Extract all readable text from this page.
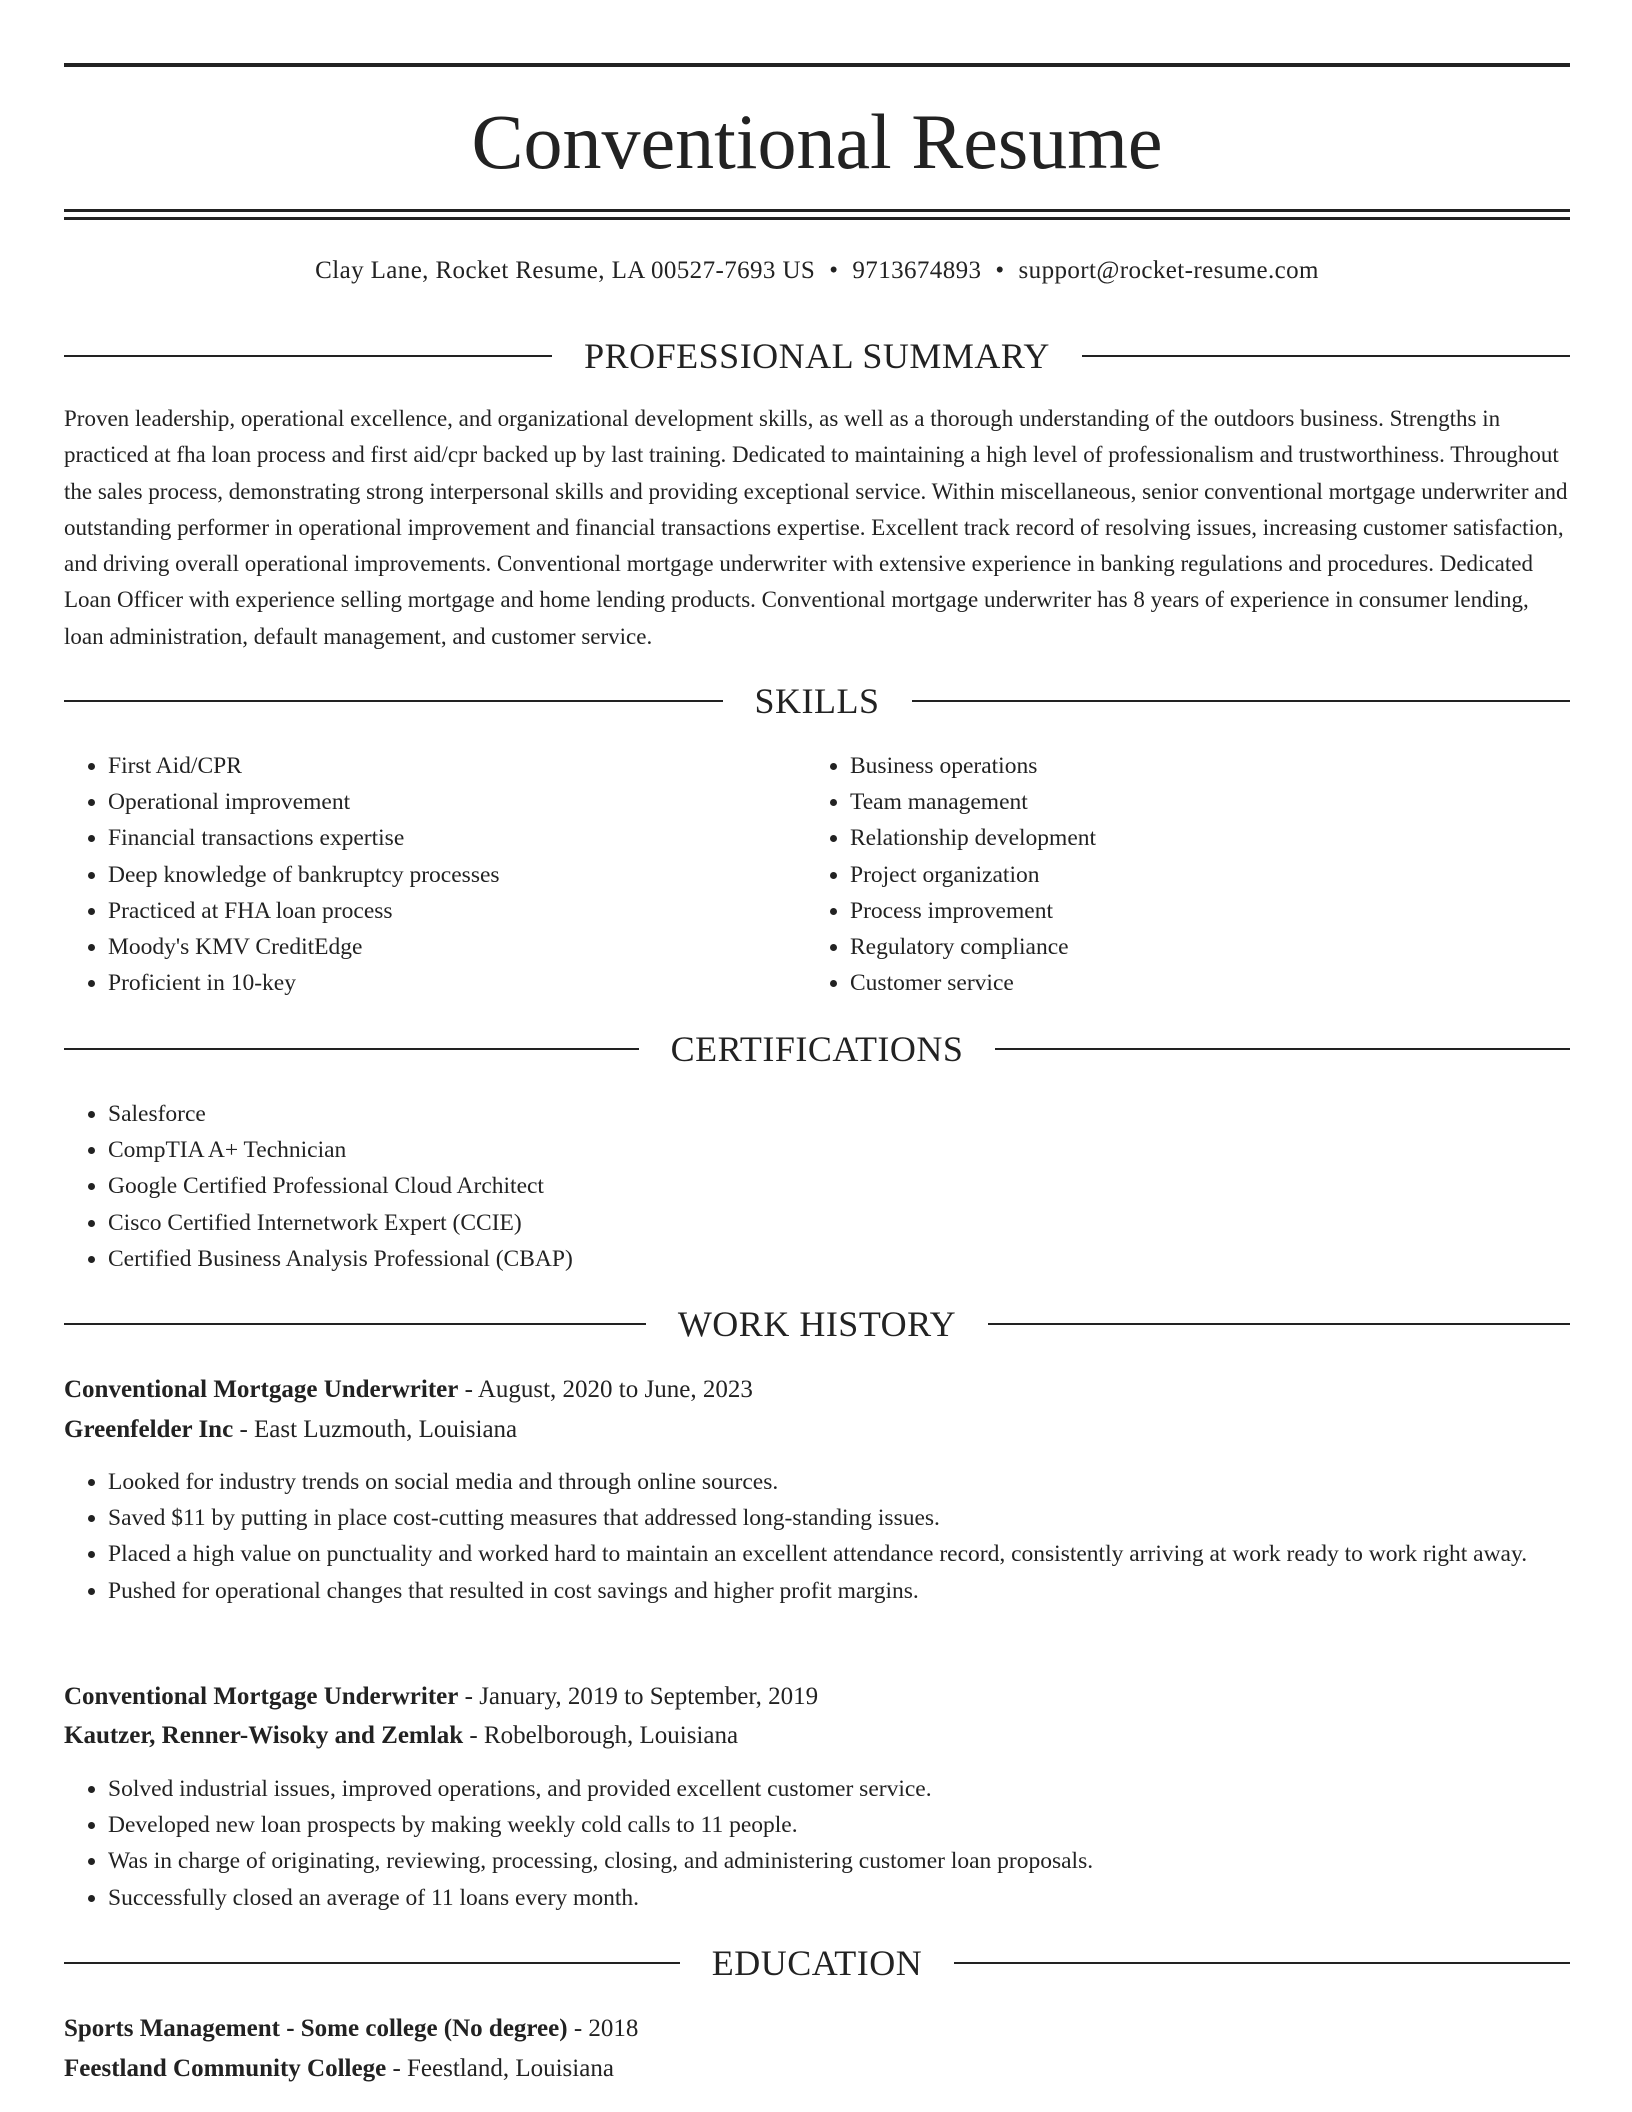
Conventional Resume
Clay Lane, Rocket Resume, LA 00527-7693 US • 9713674893 • support@rocket-resume.com
PROFESSIONAL SUMMARY

Proven leadership, operational excellence, and organizational development skills, as well as a thorough understanding of the outdoors business. Strengths in practiced at fha loan process and first aid/cpr backed up by last training. Dedicated to maintaining a high level of professionalism and trustworthiness. Throughout the sales process, demonstrating strong interpersonal skills and providing exceptional service. Within miscellaneous, senior conventional mortgage underwriter and outstanding performer in operational improvement and financial transactions expertise. Excellent track record of resolving issues, increasing customer satisfaction, and driving overall operational improvements. Conventional mortgage underwriter with extensive experience in banking regulations and procedures. Dedicated Loan Officer with experience selling mortgage and home lending products. Conventional mortgage underwriter has 8 years of experience in consumer lending, loan administration, default management, and customer service.

SKILLS
• First Aid/CPR
• Operational improvement
• Financial transactions expertise
• Deep knowledge of bankruptcy processes
• Practiced at FHA loan process
• Moody's KMV CreditEdge
• Proficient in 10-key
• Business operations
• Team management
• Relationship development
• Project organization
• Process improvement
• Regulatory compliance
• Customer service
CERTIFICATIONS
• Salesforce
• CompTIA A+ Technician
• Google Certified Professional Cloud Architect
• Cisco Certified Internetwork Expert (CCIE)
• Certified Business Analysis Professional (CBAP)
WORK HISTORY
Conventional Mortgage Underwriter - August, 2020 to June, 2023
Greenfelder Inc - East Luzmouth, Louisiana
• Looked for industry trends on social media and through online sources.
• Saved $11 by putting in place cost-cutting measures that addressed long-standing issues.
• Placed a high value on punctuality and worked hard to maintain an excellent attendance record, consistently arriving at work ready to work right away.
• Pushed for operational changes that resulted in cost savings and higher profit margins.
Conventional Mortgage Underwriter - January, 2019 to September, 2019
Kautzer, Renner-Wisoky and Zemlak - Robelborough, Louisiana
• Solved industrial issues, improved operations, and provided excellent customer service.
• Developed new loan prospects by making weekly cold calls to 11 people.
• Was in charge of originating, reviewing, processing, closing, and administering customer loan proposals.
• Successfully closed an average of 11 loans every month.
EDUCATION
Sports Management - Some college (No degree) - 2018
Feestland Community College - Feestland, Louisiana
